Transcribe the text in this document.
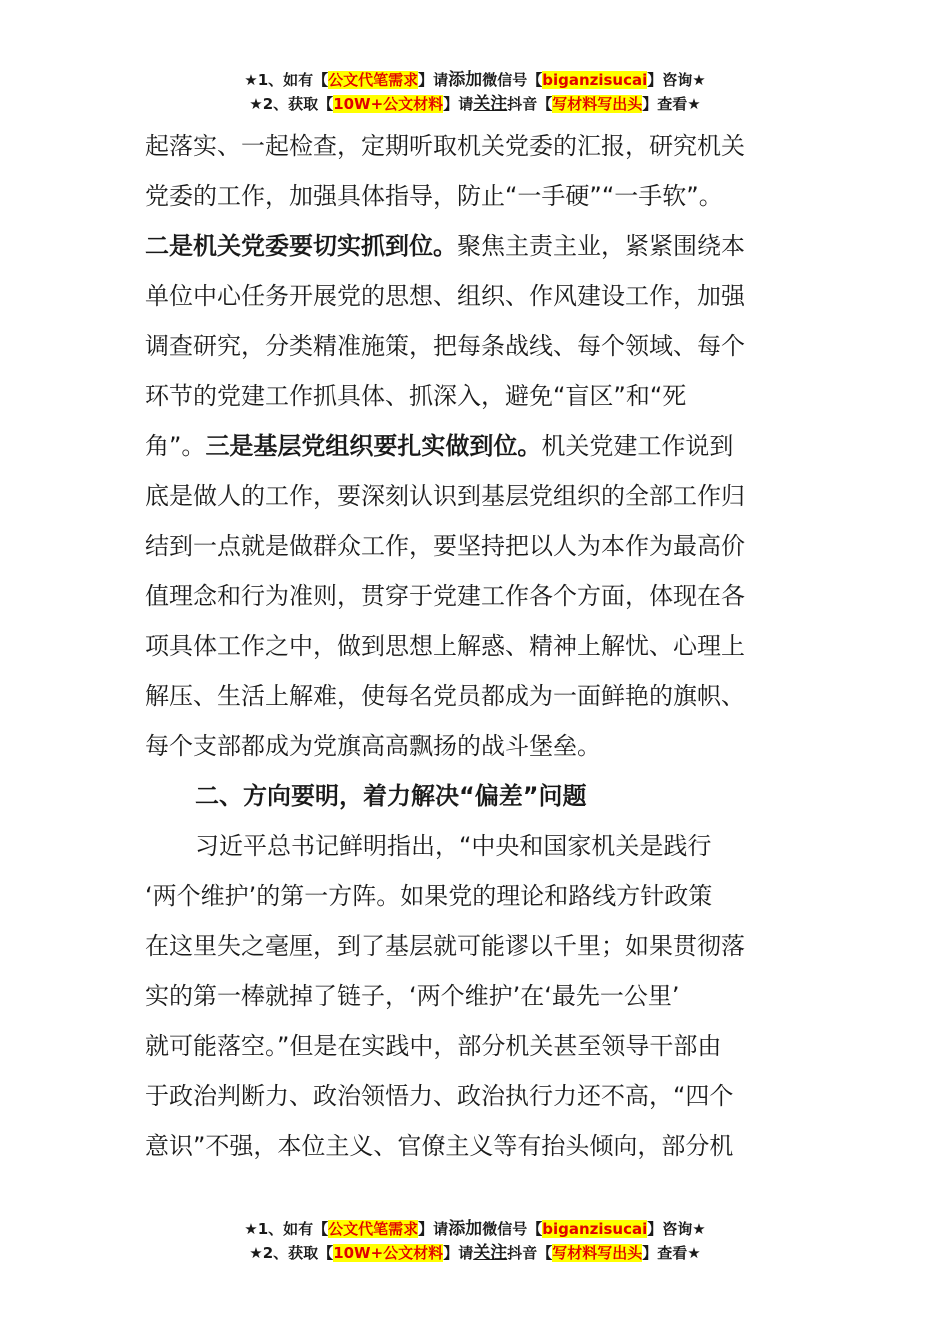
★1、如有【公文代笔需求】请添加微信号【biganzisucai】咨询★
★2、获取【10W+公文材料】请关注抖音【写材料写出头】查看★
起落实、一起检查，定期听取机关党委的汇报，研究机关
党委的工作，加强具体指导，防止“一手硬”“一手软”。
二是机关党委要切实抓到位。聚焦主责主业，紧紧围绕本
单位中心任务开展党的思想、组织、作风建设工作，加强
调查研究，分类精准施策，把每条战线、每个领域、每个
环节的党建工作抓具体、抓深入，避免“盲区”和“死
角”。三是基层党组织要扎实做到位。机关党建工作说到
底是做人的工作，要深刻认识到基层党组织的全部工作归
结到一点就是做群众工作，要坚持把以人为本作为最高价
值理念和行为准则，贯穿于党建工作各个方面，体现在各
项具体工作之中，做到思想上解惑、精神上解忧、心理上
解压、生活上解难，使每名党员都成为一面鲜艳的旗帜、
每个支部都成为党旗高高飘扬的战斗堡垒。
二、方向要明，着力解决“偏差”问题
习近平总书记鲜明指出，“中央和国家机关是践行
‘两个维护’的第一方阵。如果党的理论和路线方针政策
在这里失之毫厘，到了基层就可能谬以千里；如果贯彻落
实的第一棒就掉了链子，‘两个维护’在‘最先一公里’
就可能落空。”但是在实践中，部分机关甚至领导干部由
于政治判断力、政治领悟力、政治执行力还不高，“四个
意识”不强，本位主义、官僚主义等有抬头倾向，部分机
★1、如有【公文代笔需求】请添加微信号【biganzisucai】咨询★
★2、获取【10W+公文材料】请关注抖音【写材料写出头】查看★
